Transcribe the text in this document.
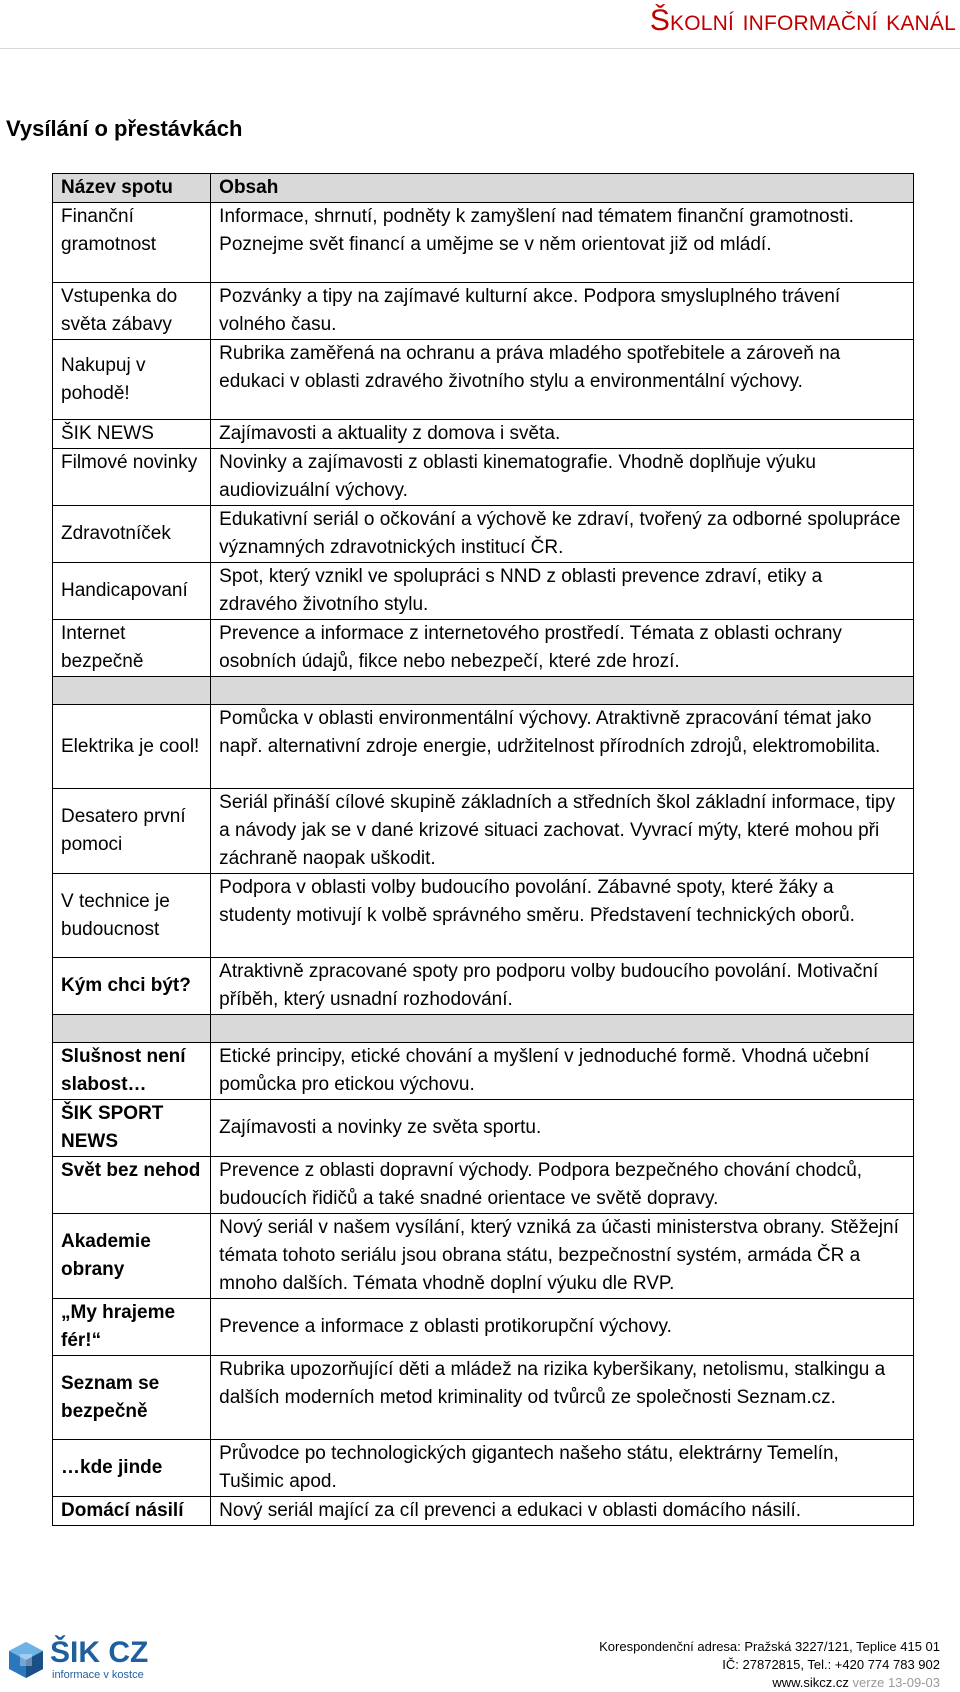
Školní informační kanál
Vysílání o přestávkách
Název spotu	Obsah
Finanční gramotnost	Informace, shrnutí, podněty k zamyšlení nad tématem finanční gramotnosti. Poznejme svět financí a umějme se v něm orientovat již od mládí.
Vstupenka do světa zábavy	Pozvánky a tipy na zajímavé kulturní akce. Podpora smysluplného trávení volného času.
Nakupuj v pohodě!	Rubrika zaměřená na ochranu a práva mladého spotřebitele a zároveň na edukaci v oblasti zdravého životního stylu a environmentální výchovy.
ŠIK NEWS	Zajímavosti a aktuality z domova i světa.
Filmové novinky	Novinky a zajímavosti z oblasti kinematografie. Vhodně doplňuje výuku audiovizuální výchovy.
Zdravotníček	Edukativní seriál o očkování a výchově ke zdraví, tvořený za odborné spolupráce významných zdravotnických institucí ČR.
Handicapovaní	Spot, který vznikl ve spolupráci s NND z oblasti prevence zdraví, etiky a zdravého životního stylu.
Internet bezpečně	Prevence a informace z internetového prostředí. Témata z oblasti ochrany osobních údajů, fikce nebo nebezpečí, které zde hrozí.

Elektrika je cool!	Pomůcka v oblasti environmentální výchovy. Atraktivně zpracování témat jako např. alternativní zdroje energie, udržitelnost přírodních zdrojů, elektromobilita.
Desatero první pomoci	Seriál přináší cílové skupině základních a středních škol základní informace, tipy a návody jak se v dané krizové situaci zachovat. Vyvrací mýty, které mohou při záchraně naopak uškodit.
V technice je budoucnost	Podpora v oblasti volby budoucího povolání. Zábavné spoty, které žáky a studenty motivují k volbě správného směru. Představení technických oborů.
Kým chci být?	Atraktivně zpracované spoty pro podporu volby budoucího povolání. Motivační příběh, který usnadní rozhodování.

Slušnost není slabost…	Etické principy, etické chování a myšlení v jednoduché formě. Vhodná učební pomůcka pro etickou výchovu.
ŠIK SPORT NEWS	Zajímavosti a novinky ze světa sportu.
Svět bez nehod	Prevence z oblasti dopravní východy. Podpora bezpečného chování chodců, budoucích řidičů a také snadné orientace ve světě dopravy.
Akademie obrany	Nový seriál v našem vysílání, který vzniká za účasti ministerstva obrany. Stěžejní témata tohoto seriálu jsou obrana státu, bezpečnostní systém, armáda ČR a mnoho dalších. Témata vhodně doplní výuku dle RVP.
„My hrajeme fér!“	Prevence a informace z oblasti protikorupční výchovy.
Seznam se bezpečně	Rubrika upozorňující děti a mládež na rizika kyberšikany, netolismu, stalkingu a dalších moderních metod kriminality od tvůrců ze společnosti Seznam.cz.
…kde jinde	Průvodce po technologických gigantech našeho státu, elektrárny Temelín, Tušimic apod.
Domácí násilí	Nový seriál mající za cíl prevenci a edukaci v oblasti domácího násilí.
ŠIK CZ
informace v kostce
Korespondenční adresa: Pražská 3227/121, Teplice 415 01
IČ: 27872815, Tel.: +420 774 783 902
www.sikcz.cz verze 13-09-03
